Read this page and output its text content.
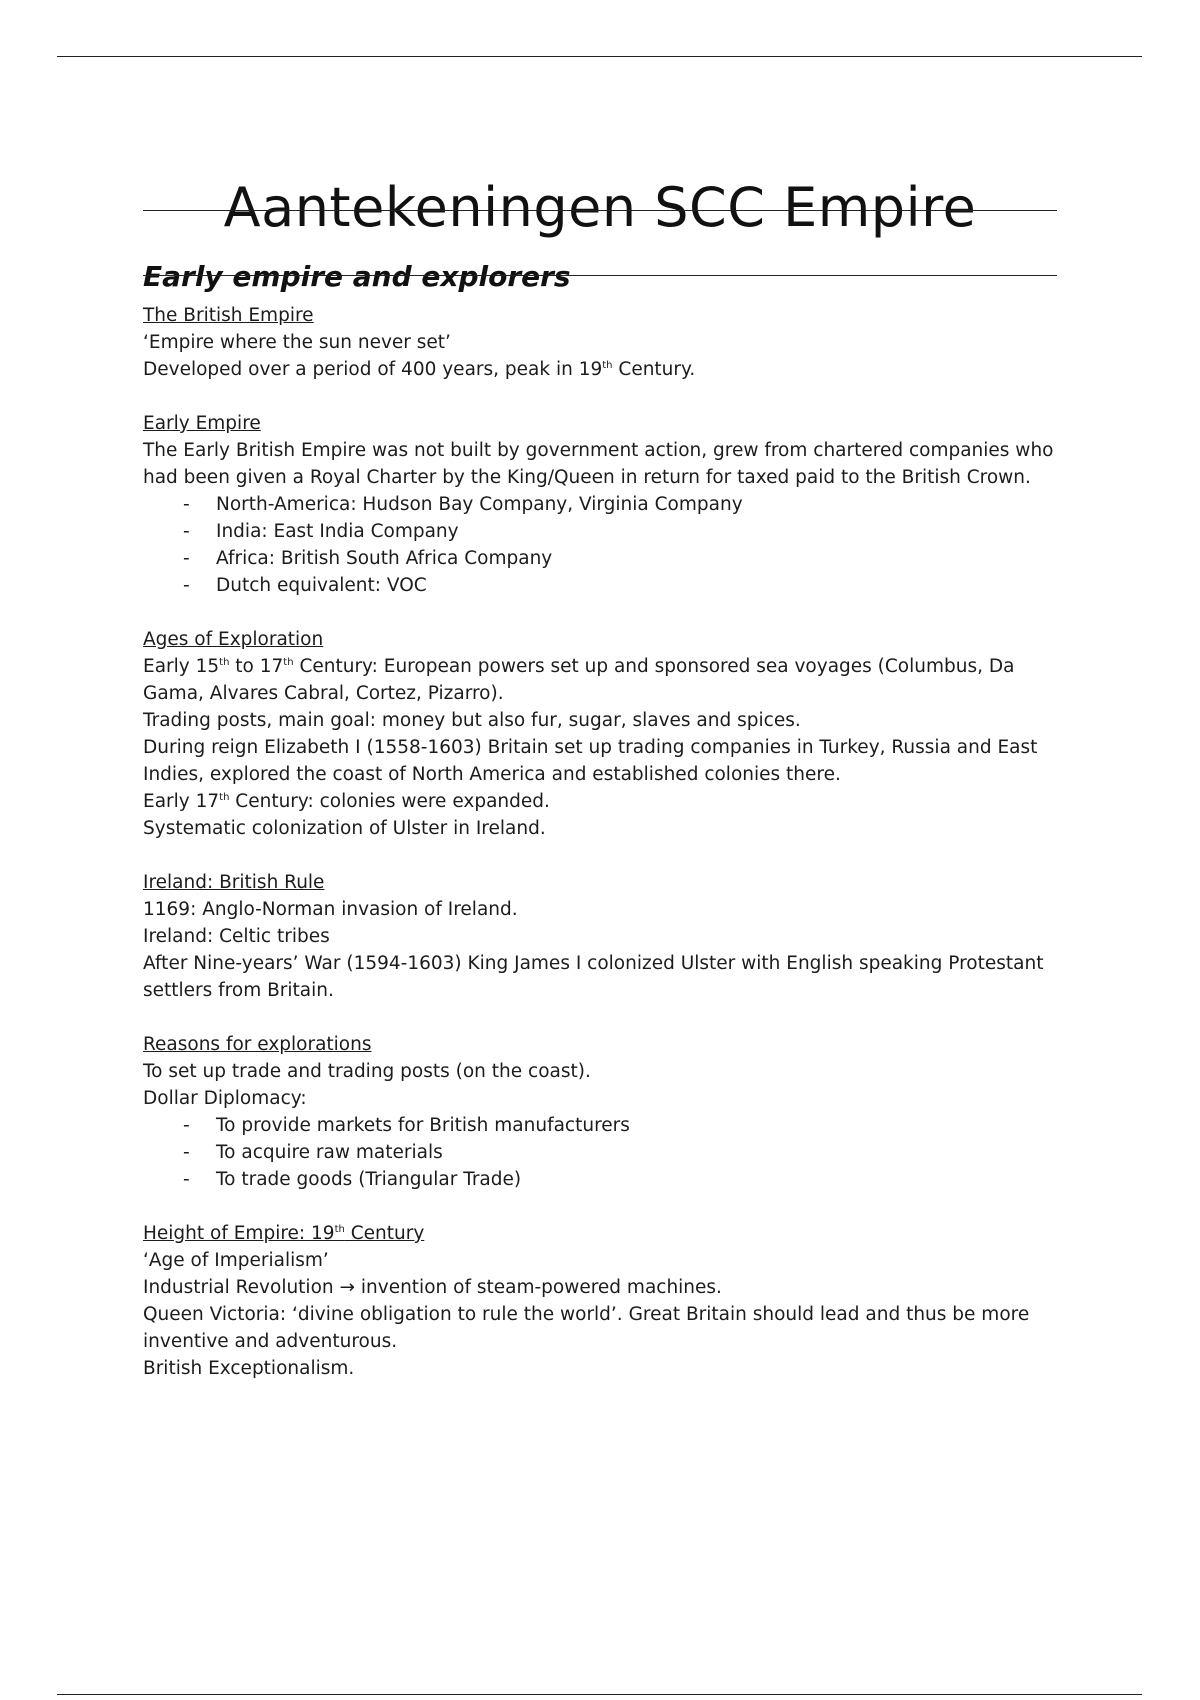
Aantekeningen SCC Empire
Early empire and explorers
The British Empire
‘Empire where the sun never set’
Developed over a period of 400 years, peak in 19th Century.
Early Empire
The Early British Empire was not built by government action, grew from chartered companies who had been given a Royal Charter by the King/Queen in return for taxed paid to the British Crown.
- North-America: Hudson Bay Company, Virginia Company
- India: East India Company
- Africa: British South Africa Company
- Dutch equivalent: VOC
Ages of Exploration
Early 15th to 17th Century: European powers set up and sponsored sea voyages (Columbus, Da Gama, Alvares Cabral, Cortez, Pizarro).
Trading posts, main goal: money but also fur, sugar, slaves and spices.
During reign Elizabeth I (1558-1603) Britain set up trading companies in Turkey, Russia and East Indies, explored the coast of North America and established colonies there.
Early 17th Century: colonies were expanded.
Systematic colonization of Ulster in Ireland.
Ireland: British Rule
1169: Anglo-Norman invasion of Ireland.
Ireland: Celtic tribes
After Nine-years’ War (1594-1603) King James I colonized Ulster with English speaking Protestant settlers from Britain.
Reasons for explorations
To set up trade and trading posts (on the coast).
Dollar Diplomacy:
- To provide markets for British manufacturers
- To acquire raw materials
- To trade goods (Triangular Trade)
Height of Empire: 19th Century
‘Age of Imperialism’
Industrial Revolution → invention of steam-powered machines.
Queen Victoria: ‘divine obligation to rule the world’. Great Britain should lead and thus be more inventive and adventurous.
British Exceptionalism.
